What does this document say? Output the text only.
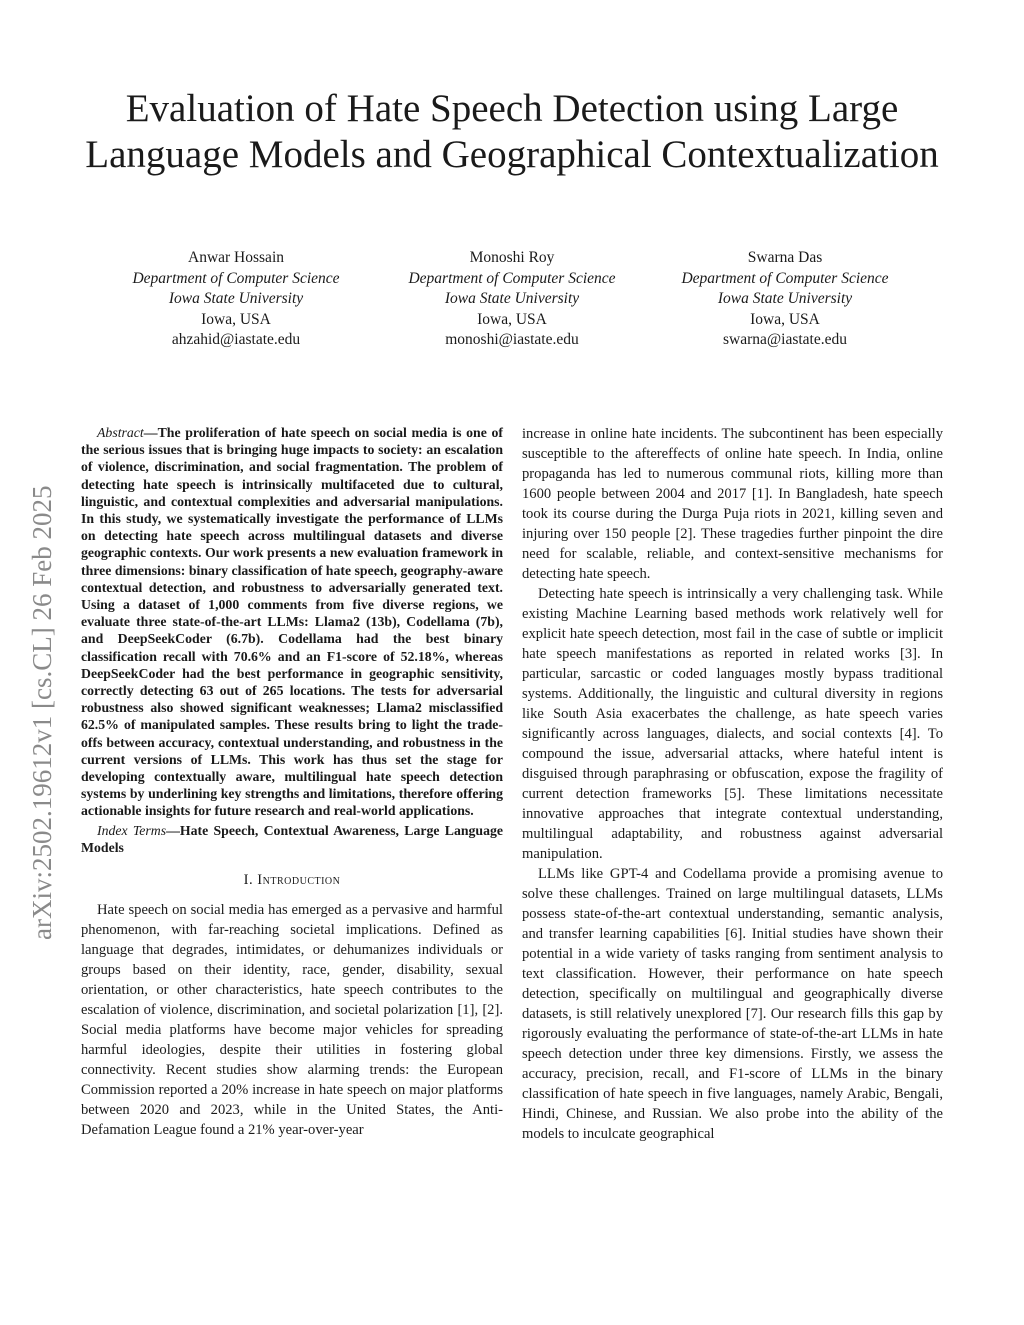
Evaluation of Hate Speech Detection using Large Language Models and Geographical Contextualization
Anwar Hossain
Department of Computer Science
Iowa State University
Iowa, USA
ahzahid@iastate.edu
Monoshi Roy
Department of Computer Science
Iowa State University
Iowa, USA
monoshi@iastate.edu
Swarna Das
Department of Computer Science
Iowa State University
Iowa, USA
swarna@iastate.edu
arXiv:2502.19612v1 [cs.CL] 26 Feb 2025

Abstract—The proliferation of hate speech on social media is one of the serious issues that is bringing huge impacts to society: an escalation of violence, discrimination, and social fragmentation. The problem of detecting hate speech is intrinsically multifaceted due to cultural, linguistic, and contextual complexities and adversarial manipulations. In this study, we systematically investigate the performance of LLMs on detecting hate speech across multilingual datasets and diverse geographic contexts. Our work presents a new evaluation framework in three dimensions: binary classification of hate speech, geography-aware contextual detection, and robustness to adversarially generated text. Using a dataset of 1,000 comments from five diverse regions, we evaluate three state-of-the-art LLMs: Llama2 (13b), Codellama (7b), and DeepSeekCoder (6.7b). Codellama had the best binary classification recall with 70.6% and an F1-score of 52.18%, whereas DeepSeekCoder had the best performance in geographic sensitivity, correctly detecting 63 out of 265 locations. The tests for adversarial robustness also showed significant weaknesses; Llama2 misclassified 62.5% of manipulated samples. These results bring to light the trade-offs between accuracy, contextual understanding, and robustness in the current versions of LLMs. This work has thus set the stage for developing contextually aware, multilingual hate speech detection systems by underlining key strengths and limitations, therefore offering actionable insights for future research and real-world applications.

Index Terms—Hate Speech, Contextual Awareness, Large Language Models

I. Introduction

Hate speech on social media has emerged as a pervasive and harmful phenomenon, with far-reaching societal implications. Defined as language that degrades, intimidates, or dehumanizes individuals or groups based on their identity, race, gender, disability, sexual orientation, or other characteristics, hate speech contributes to the escalation of violence, discrimination, and societal polarization [1], [2]. Social media platforms have become major vehicles for spreading harmful ideologies, despite their utilities in fostering global connectivity. Recent studies show alarming trends: the European Commission reported a 20% increase in hate speech on major platforms between 2020 and 2023, while in the United States, the Anti-Defamation League found a 21% year-over-year

increase in online hate incidents. The subcontinent has been especially susceptible to the aftereffects of online hate speech. In India, online propaganda has led to numerous communal riots, killing more than 1600 people between 2004 and 2017 [1]. In Bangladesh, hate speech took its course during the Durga Puja riots in 2021, killing seven and injuring over 150 people [2]. These tragedies further pinpoint the dire need for scalable, reliable, and context-sensitive mechanisms for detecting hate speech.

Detecting hate speech is intrinsically a very challenging task. While existing Machine Learning based methods work relatively well for explicit hate speech detection, most fail in the case of subtle or implicit hate speech manifestations as reported in related works [3]. In particular, sarcastic or coded languages mostly bypass traditional systems. Additionally, the linguistic and cultural diversity in regions like South Asia exacerbates the challenge, as hate speech varies significantly across languages, dialects, and social contexts [4]. To compound the issue, adversarial attacks, where hateful intent is disguised through paraphrasing or obfuscation, expose the fragility of current detection frameworks [5]. These limitations necessitate innovative approaches that integrate contextual understanding, multilingual adaptability, and robustness against adversarial manipulation.

LLMs like GPT-4 and Codellama provide a promising avenue to solve these challenges. Trained on large multilingual datasets, LLMs possess state-of-the-art contextual understanding, semantic analysis, and transfer learning capabilities [6]. Initial studies have shown their potential in a wide variety of tasks ranging from sentiment analysis to text classification. However, their performance on hate speech detection, specifically on multilingual and geographically diverse datasets, is still relatively unexplored [7]. Our research fills this gap by rigorously evaluating the performance of state-of-the-art LLMs in hate speech detection under three key dimensions. Firstly, we assess the accuracy, precision, recall, and F1-score of LLMs in the binary classification of hate speech in five languages, namely Arabic, Bengali, Hindi, Chinese, and Russian. We also probe into the ability of the models to inculcate geographical
